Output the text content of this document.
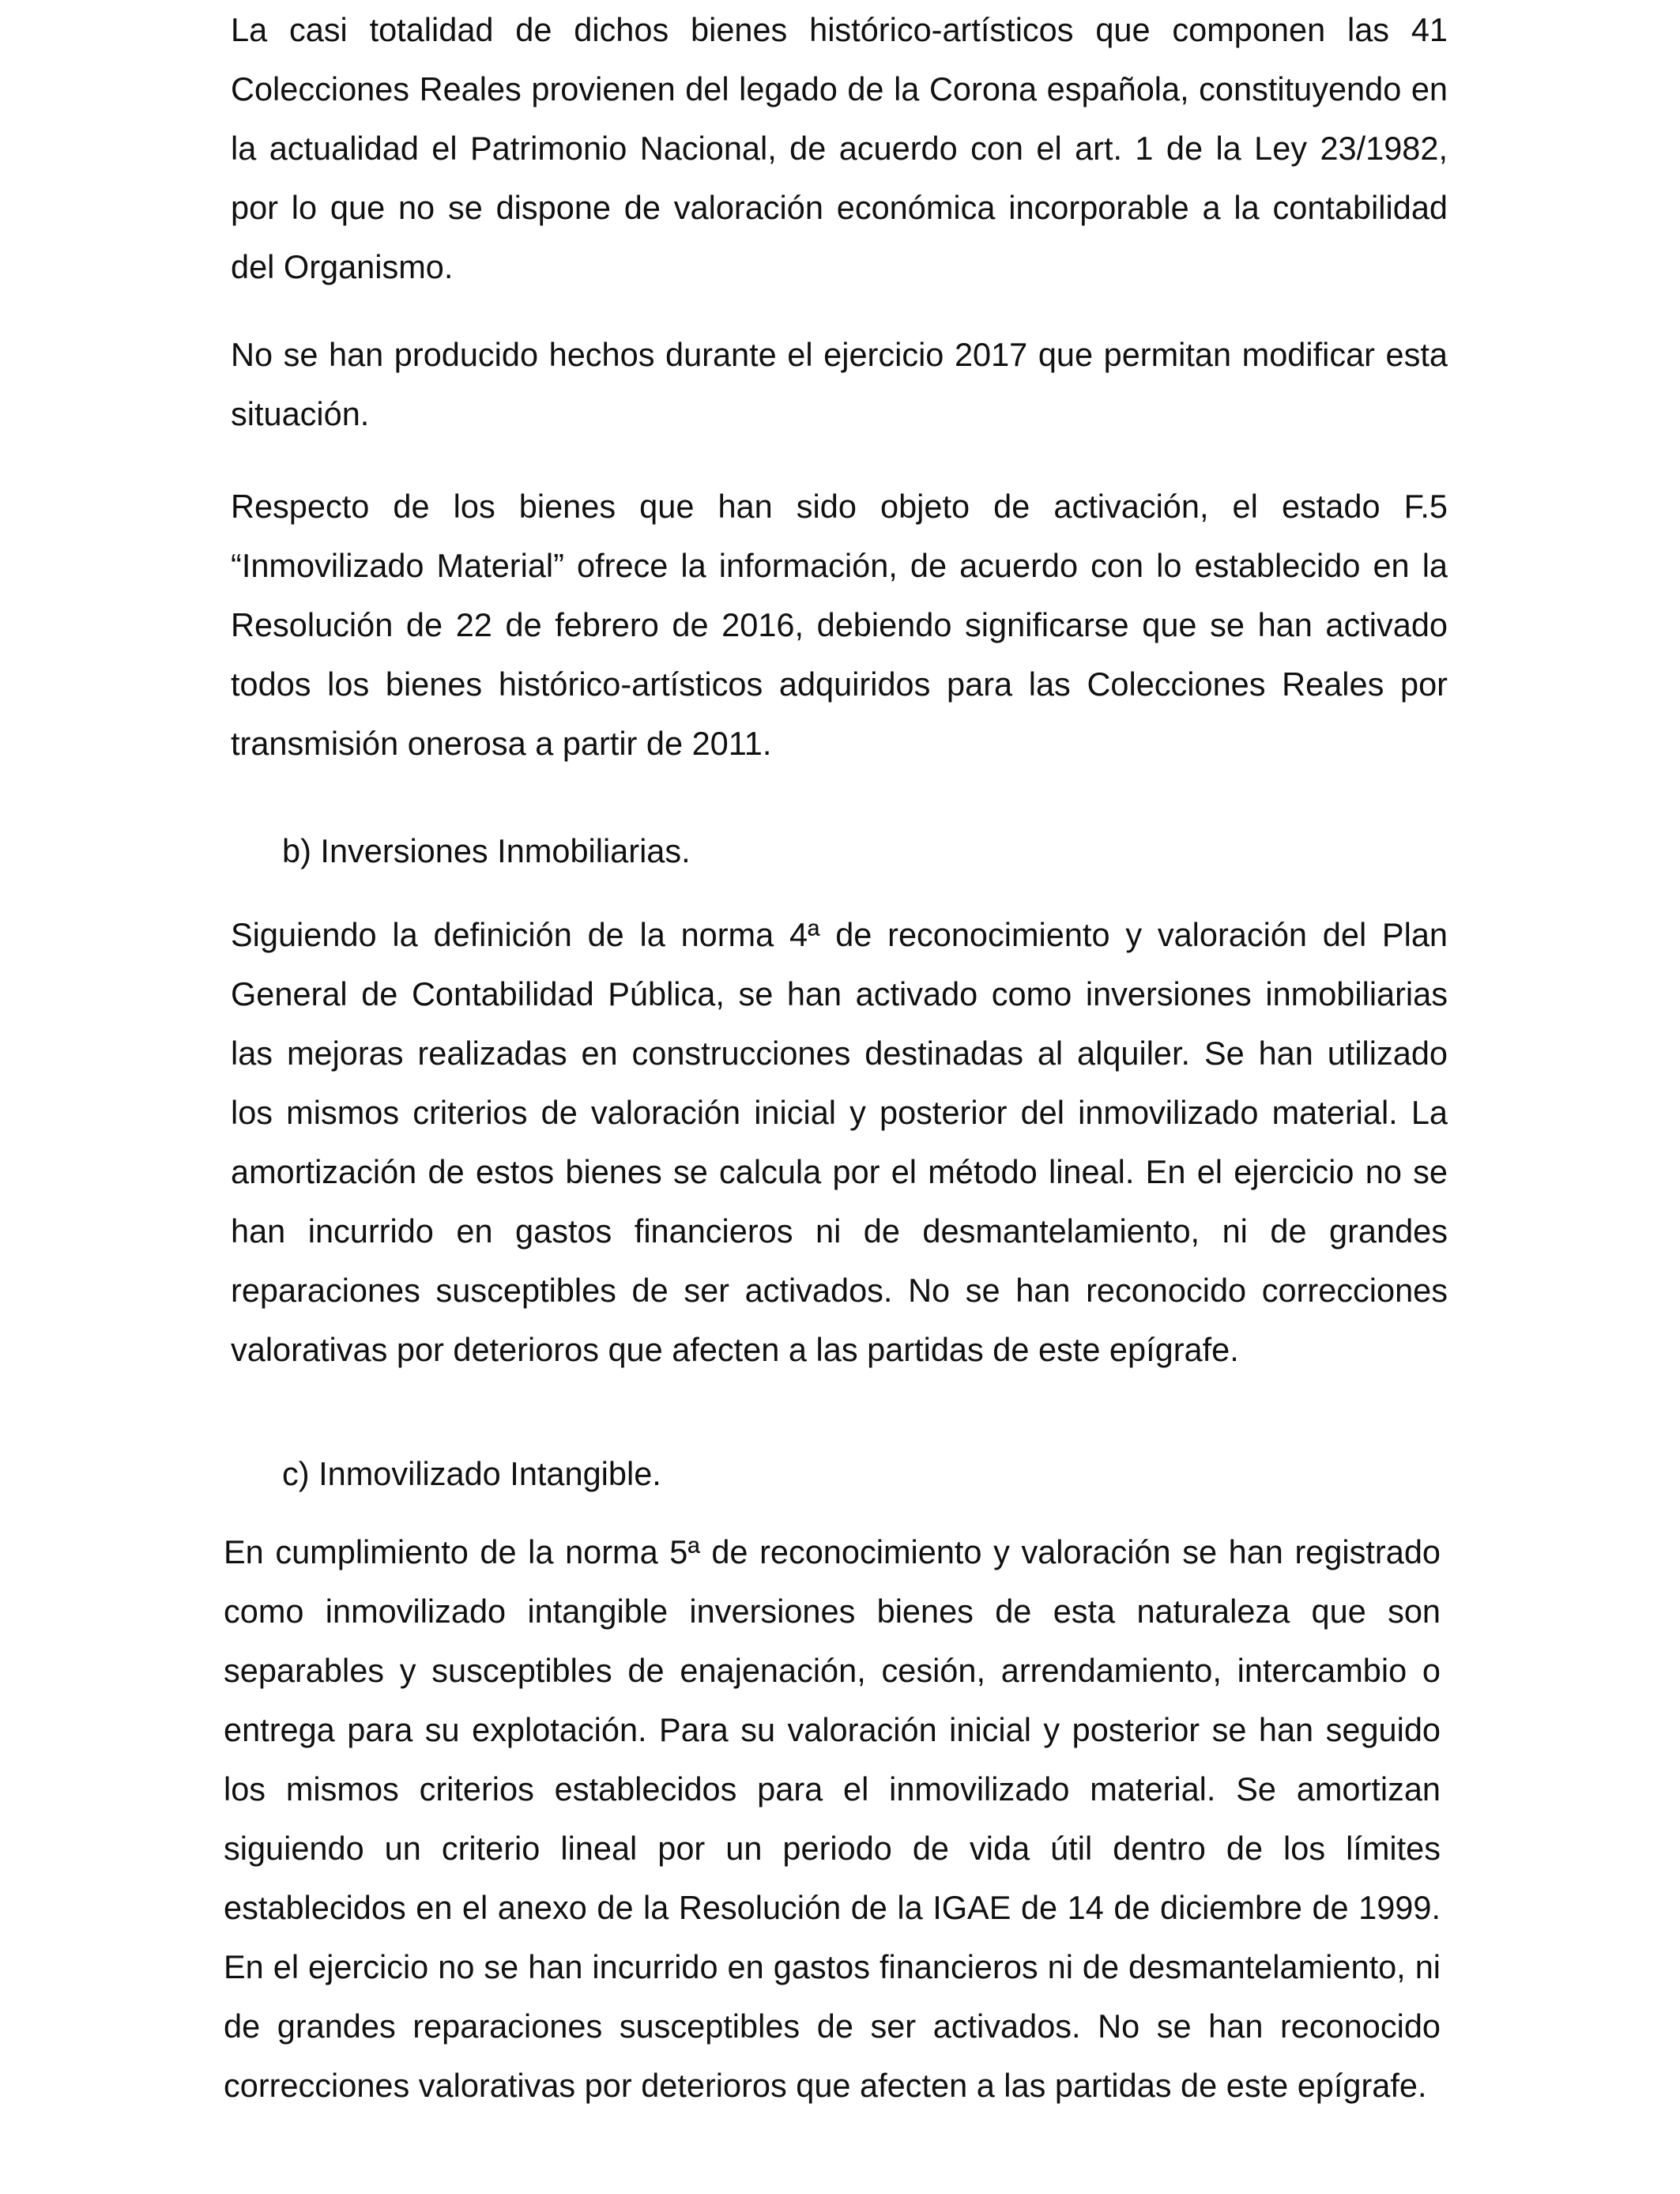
La casi totalidad de dichos bienes histórico-artísticos que componen las 41 Colecciones Reales provienen del legado de la Corona española, constituyendo en la actualidad el Patrimonio Nacional, de acuerdo con el art. 1 de la Ley 23/1982, por lo que no se dispone de valoración económica incorporable a la contabilidad del Organismo.

No se han producido hechos durante el ejercicio 2017 que permitan modificar esta situación.

Respecto de los bienes que han sido objeto de activación, el estado F.5 “Inmovilizado Material” ofrece la información, de acuerdo con lo establecido en la Resolución de 22 de febrero de 2016, debiendo significarse que se han activado todos los bienes histórico-artísticos adquiridos para las Colecciones Reales por transmisión onerosa a partir de 2011.

b) Inversiones Inmobiliarias.

Siguiendo la definición de la norma 4ª de reconocimiento y valoración del Plan General de Contabilidad Pública, se han activado como inversiones inmobiliarias las mejoras realizadas en construcciones destinadas al alquiler. Se han utilizado los mismos criterios de valoración inicial y posterior del inmovilizado material. La amortización de estos bienes se calcula por el método lineal. En el ejercicio no se han incurrido en gastos financieros ni de desmantelamiento, ni de grandes reparaciones susceptibles de ser activados. No se han reconocido correcciones valorativas por deterioros que afecten a las partidas de este epígrafe.

c) Inmovilizado Intangible.

En cumplimiento de la norma 5ª de reconocimiento y valoración se han registrado como inmovilizado intangible inversiones bienes de esta naturaleza que son separables y susceptibles de enajenación, cesión, arrendamiento, intercambio o entrega para su explotación. Para su valoración inicial y posterior se han seguido los mismos criterios establecidos para el inmovilizado material. Se amortizan siguiendo un criterio lineal por un periodo de vida útil dentro de los límites establecidos en el anexo de la Resolución de la IGAE de 14 de diciembre de 1999. En el ejercicio no se han incurrido en gastos financieros ni de desmantelamiento, ni de grandes reparaciones susceptibles de ser activados. No se han reconocido correcciones valorativas por deterioros que afecten a las partidas de este epígrafe.
